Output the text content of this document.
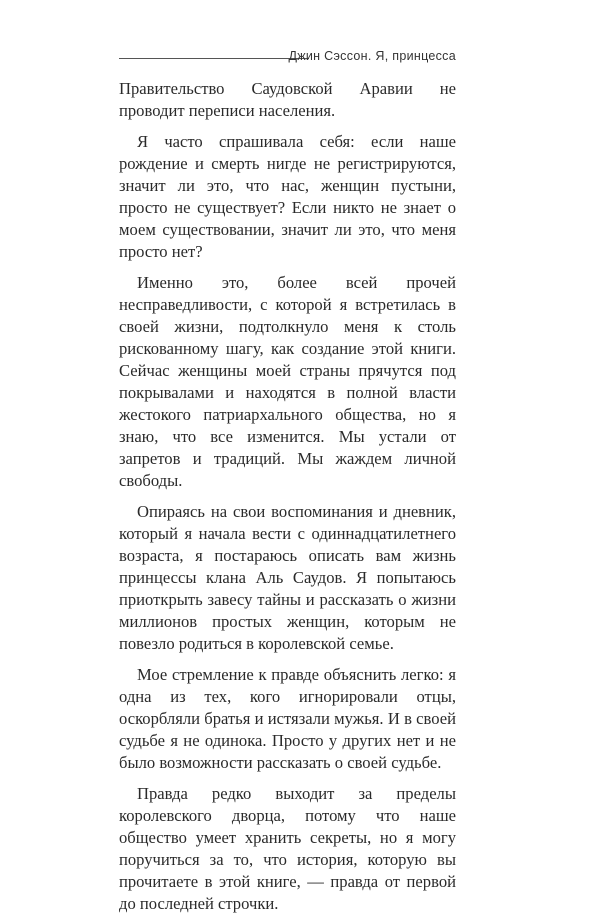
Джин Сэссон. Я, принцесса

Правительство Саудовской Аравии не проводит переписи населения.

Я часто спрашивала себя: если наше рождение и смерть нигде не регистрируются, значит ли это, что нас, женщин пустыни, просто не существует? Если никто не знает о моем существовании, значит ли это, что меня просто нет?

Именно это, более всей прочей несправедливости, с которой я встретилась в своей жизни, подтолкнуло меня к столь рискованному шагу, как создание этой книги. Сейчас женщины моей страны прячутся под покрывалами и находятся в полной власти жестокого патриархального общества, но я знаю, что все изменится. Мы устали от запретов и традиций. Мы жаждем личной свободы.

Опираясь на свои воспоминания и дневник, который я начала вести с одиннадцатилетнего возраста, я постараюсь описать вам жизнь принцессы клана Аль Саудов. Я попытаюсь приоткрыть завесу тайны и рассказать о жизни миллионов простых женщин, которым не повезло родиться в королевской семье.

Мое стремление к правде объяснить легко: я одна из тех, кого игнорировали отцы, оскорбляли братья и истязали мужья. И в своей судьбе я не одинока. Просто у других нет и не было возможности рассказать о своей судьбе.

Правда редко выходит за пределы королевского дворца, потому что наше общество умеет хранить секреты, но я могу поручиться за то, что история, которую вы прочитаете в этой книге, — правда от первой до последней строчки.
